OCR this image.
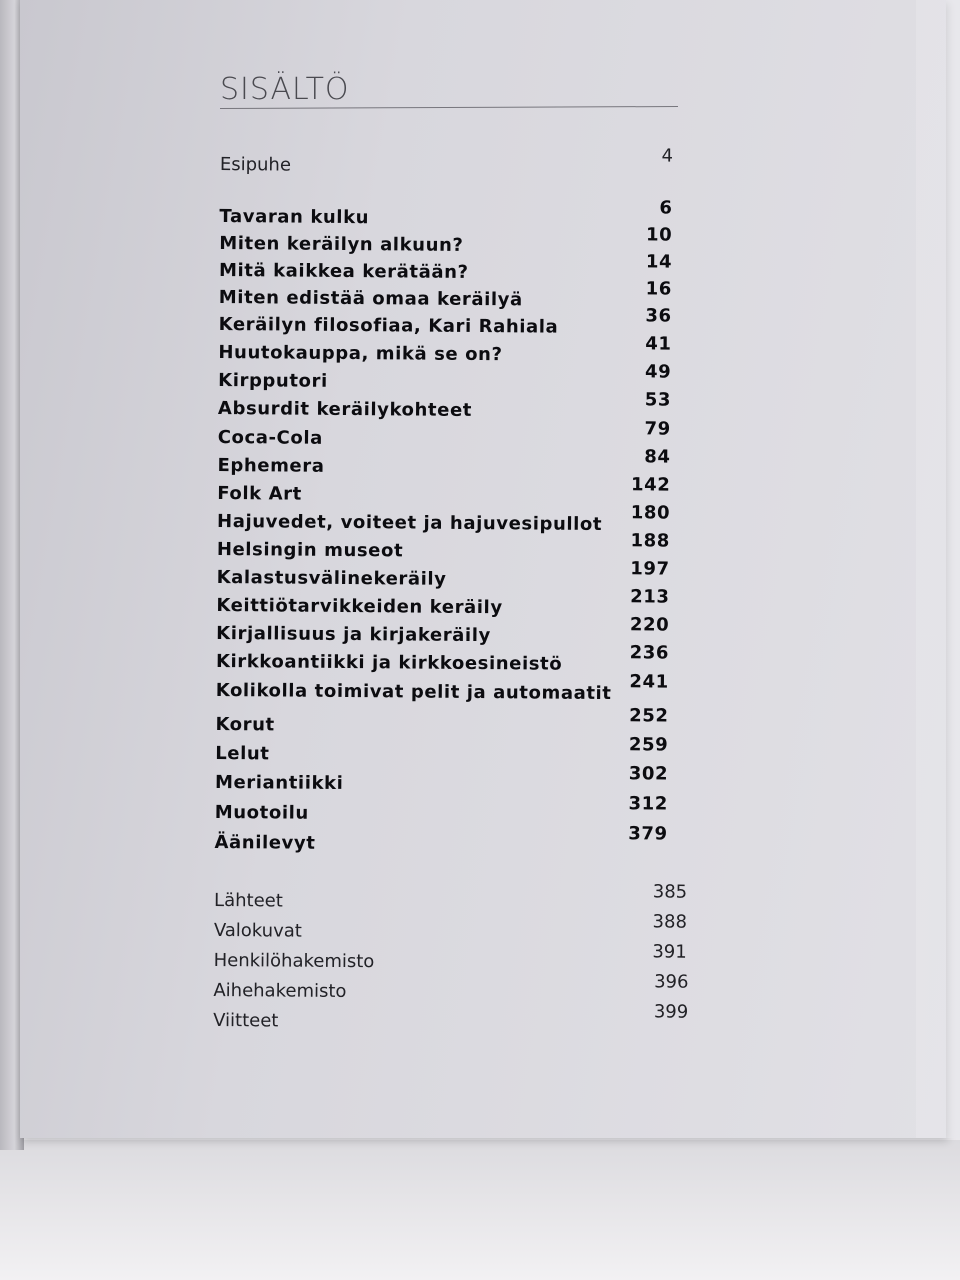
SISÄLTÖ
Esipuhe	4
Tavaran kulku	6
Miten keräilyn alkuun?	10
Mitä kaikkea kerätään?	14
Miten edistää omaa keräilyä	16
Keräilyn filosofiaa, Kari Rahiala	36
Huutokauppa, mikä se on?	41
Kirpputori	49
Absurdit keräilykohteet	53
Coca-Cola	79
Ephemera	84
Folk Art	142
Hajuvedet, voiteet ja hajuvesipullot 180
Helsingin museot	188
Kalastusvälinekeräily	197
Keittiötarvikkeiden keräily	213
Kirjallisuus ja kirjakeräily	220
Kirkkoantiikki ja kirkkoesineistö	236
Kolikolla toimivat pelit ja automaatit 241
Korut	252
Lelut	259
Meriantiikki	302
Muotoilu	312
Äänilevyt	379
Lähteet	385
Valokuvat	388
Henkilöhakemisto	391
Aihehakemisto	396
Viitteet	399
